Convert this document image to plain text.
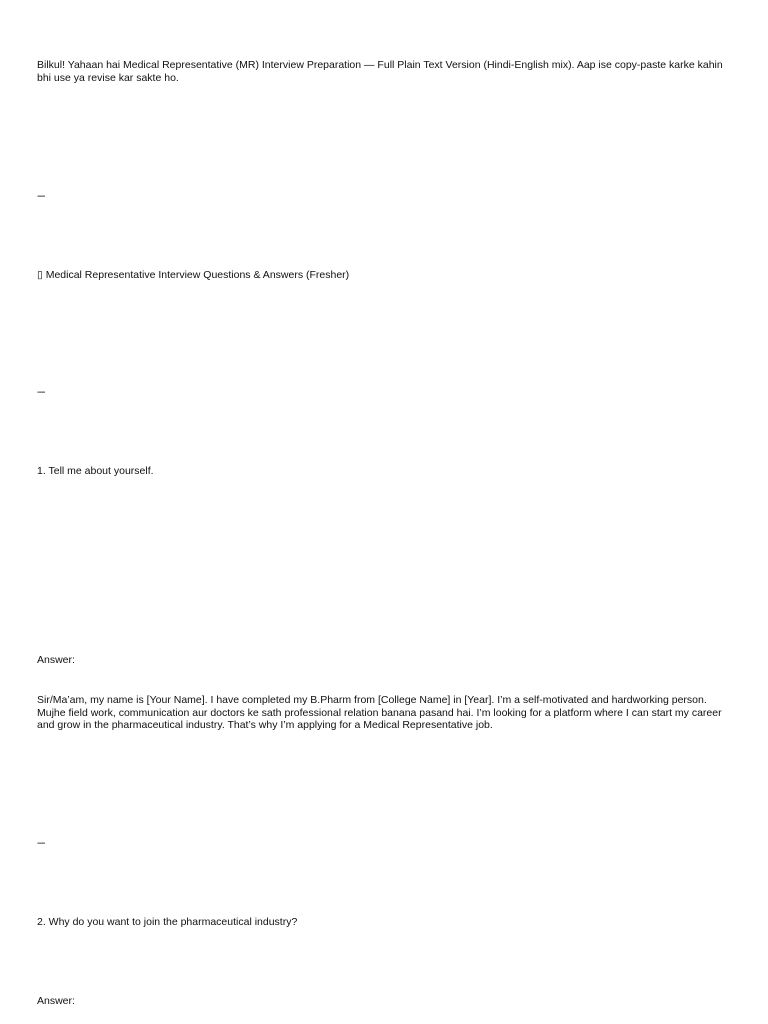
Bilkul! Yahaan hai Medical Representative (MR) Interview Preparation — Full Plain Text Version (Hindi-English mix). Aap ise copy-paste karke kahin bhi use ya revise kar sakte ho.

---

▯ Medical Representative Interview Questions & Answers (Fresher)

---

1. Tell me about yourself.

Answer:

Sir/Ma’am, my name is [Your Name]. I have completed my B.Pharm from [College Name] in [Year]. I’m a self-motivated and hardworking person. Mujhe field work, communication aur doctors ke sath professional relation banana pasand hai. I’m looking for a platform where I can start my career and grow in the pharmaceutical industry. That’s why I’m applying for a Medical Representative job.

---

2. Why do you want to join the pharmaceutical industry?

Answer:
